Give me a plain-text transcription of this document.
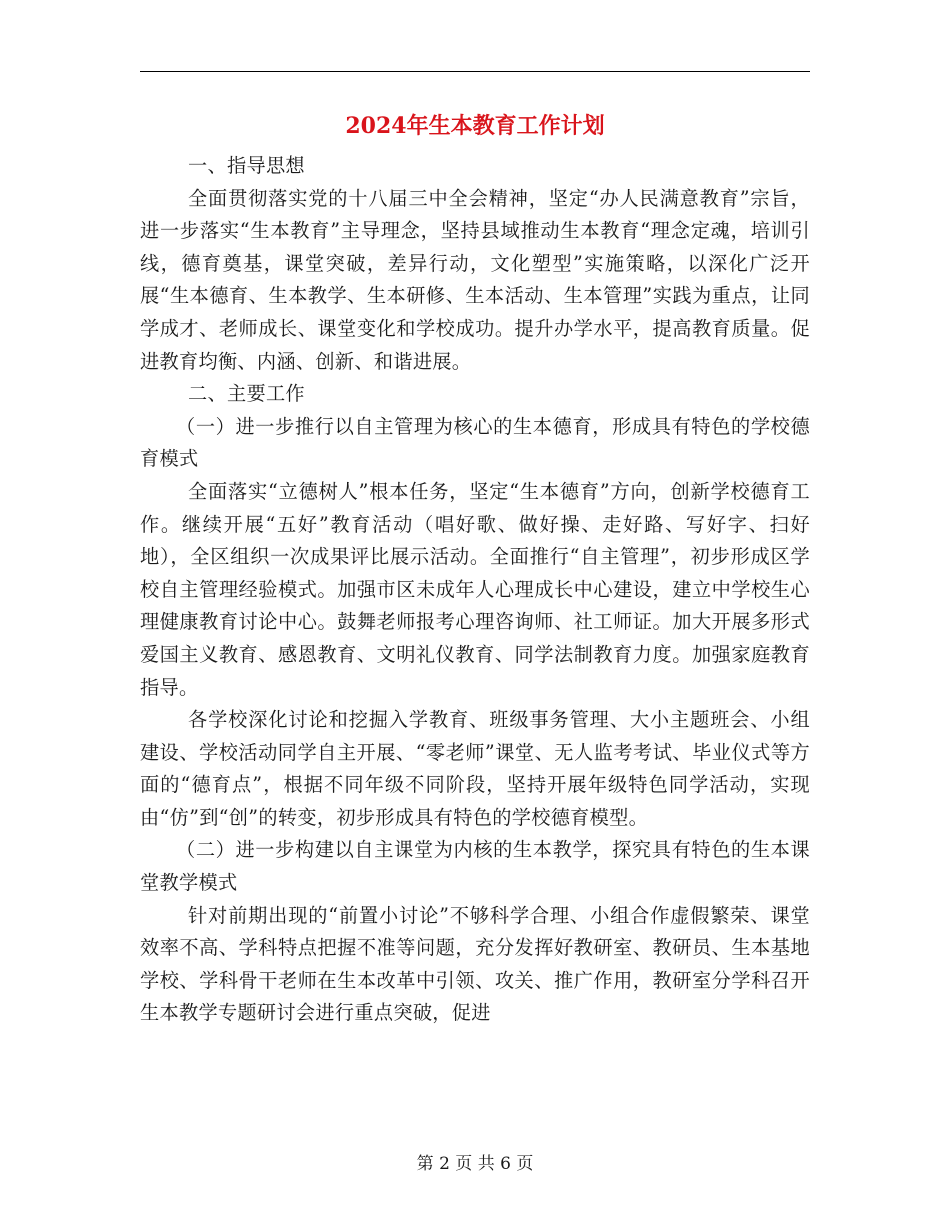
2024年生本教育工作计划

一、指导思想

全面贯彻落实党的十八届三中全会精神，坚定“办人民满意教育”宗旨，进一步落实“生本教育”主导理念，坚持县域推动生本教育“理念定魂，培训引线，德育奠基，课堂突破，差异行动，文化塑型”实施策略，以深化广泛开展“生本德育、生本教学、生本研修、生本活动、生本管理”实践为重点，让同学成才、老师成长、课堂变化和学校成功。提升办学水平，提高教育质量。促进教育均衡、内涵、创新、和谐进展。

二、主要工作

（一）进一步推行以自主管理为核心的生本德育，形成具有特色的学校德育模式

全面落实“立德树人”根本任务，坚定“生本德育”方向，创新学校德育工作。继续开展“五好”教育活动（唱好歌、做好操、走好路、写好字、扫好地），全区组织一次成果评比展示活动。全面推行“自主管理”，初步形成区学校自主管理经验模式。加强市区未成年人心理成长中心建设，建立中学校生心理健康教育讨论中心。鼓舞老师报考心理咨询师、社工师证。加大开展多形式爱国主义教育、感恩教育、文明礼仪教育、同学法制教育力度。加强家庭教育指导。

各学校深化讨论和挖掘入学教育、班级事务管理、大小主题班会、小组建设、学校活动同学自主开展、“零老师”课堂、无人监考考试、毕业仪式等方面的“德育点”，根据不同年级不同阶段，坚持开展年级特色同学活动，实现由“仿”到“创”的转变，初步形成具有特色的学校德育模型。

（二）进一步构建以自主课堂为内核的生本教学，探究具有特色的生本课堂教学模式

针对前期出现的“前置小讨论”不够科学合理、小组合作虚假繁荣、课堂效率不高、学科特点把握不准等问题，充分发挥好教研室、教研员、生本基地学校、学科骨干老师在生本改革中引领、攻关、推广作用，教研室分学科召开生本教学专题研讨会进行重点突破，促进

第 2 页 共 6 页
